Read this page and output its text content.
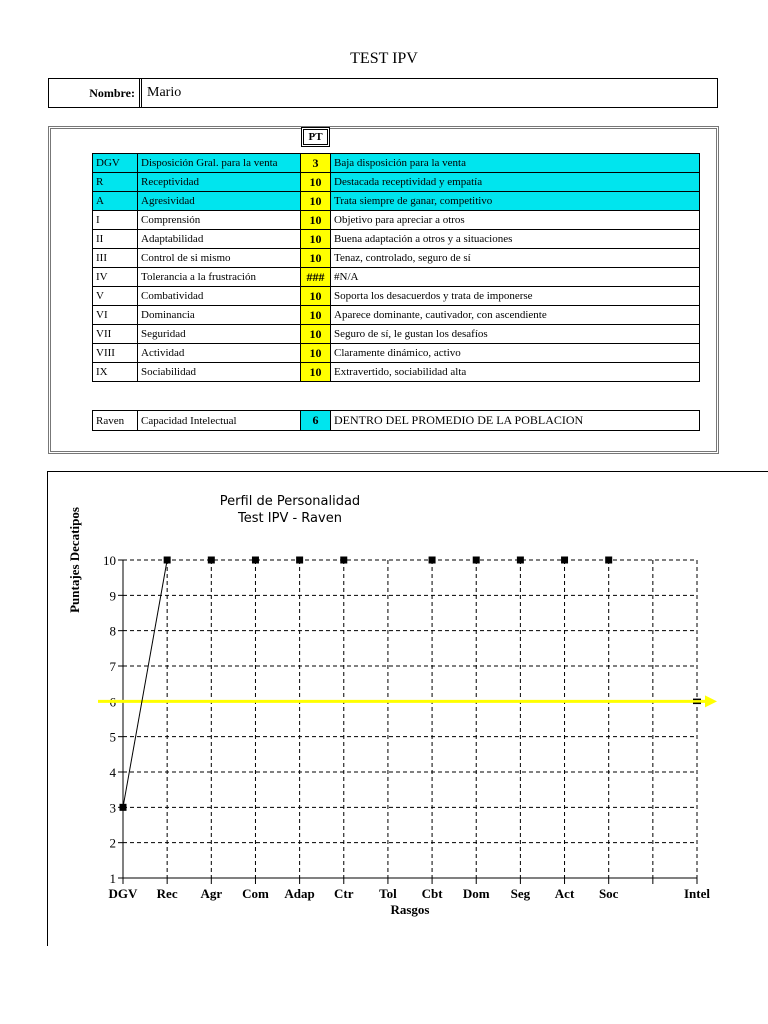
TEST IPV
Nombre: Mario
PT
DGV	Disposición Gral. para la venta	3	Baja disposición para la venta
R	Receptividad	10	Destacada receptividad y empatía
A	Agresividad	10	Trata siempre de ganar, competitivo
I	Comprensión	10	Objetivo para apreciar a otros
II	Adaptabilidad	10	Buena adaptación a otros y a situaciones
III	Control de si mismo	10	Tenaz, controlado, seguro de sí
IV	Tolerancia a la frustración	###	#N/A
V	Combatividad	10	Soporta los desacuerdos y trata de imponerse
VI	Dominancia	10	Aparece dominante, cautivador, con ascendiente
VII	Seguridad	10	Seguro de sí, le gustan los desafíos
VIII	Actividad	10	Claramente dinámico, activo
IX	Sociabilidad	10	Extravertido, sociabilidad alta
Raven	Capacidad Intelectual	6	DENTRO DEL PROMEDIO DE LA POBLACION
1
2
3
4
5
6
7
8
9
10
DGV Rec Agr Com Adap Ctr Tol Cbt Dom Seg Act Soc	Intel
Perfil de Personalidad
Test IPV - Raven
Rasgos
Puntajes Decatipos
